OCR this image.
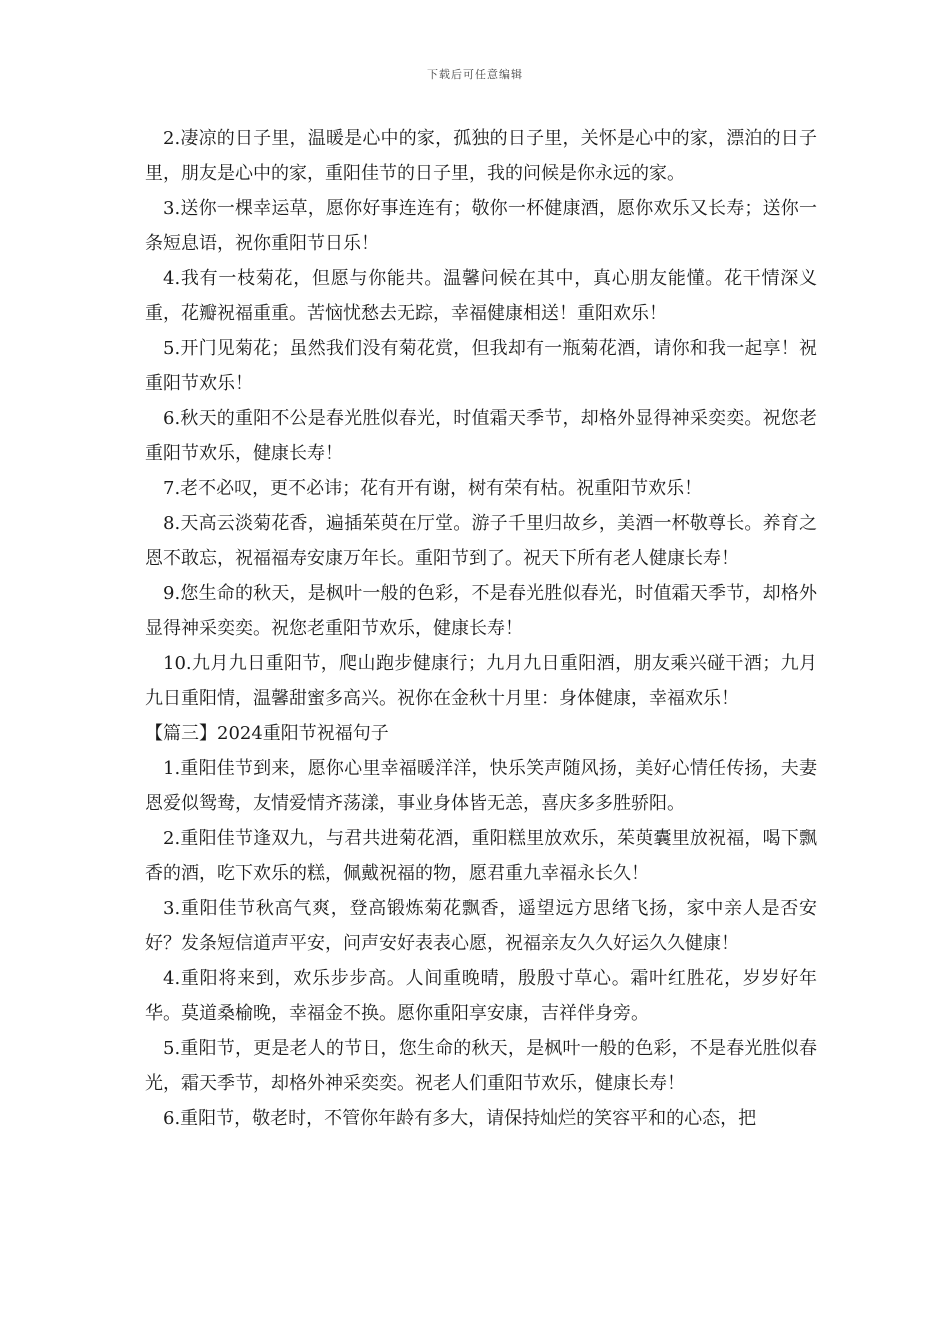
下载后可任意编辑

2.凄凉的日子里，温暖是心中的家，孤独的日子里，关怀是心中的家，漂泊的日子里，朋友是心中的家，重阳佳节的日子里，我的问候是你永远的家。

3.送你一棵幸运草，愿你好事连连有；敬你一杯健康酒，愿你欢乐又长寿；送你一条短息语，祝你重阳节日乐！

4.我有一枝菊花，但愿与你能共。温馨问候在其中，真心朋友能懂。花干情深义重，花瓣祝福重重。苦恼忧愁去无踪，幸福健康相送！重阳欢乐！

5.开门见菊花；虽然我们没有菊花赏，但我却有一瓶菊花酒，请你和我一起享！祝重阳节欢乐！

6.秋天的重阳不公是春光胜似春光，时值霜天季节，却格外显得神采奕奕。祝您老重阳节欢乐，健康长寿！

7.老不必叹，更不必讳；花有开有谢，树有荣有枯。祝重阳节欢乐！

8.天高云淡菊花香，遍插茱萸在厅堂。游子千里归故乡，美酒一杯敬尊长。养育之恩不敢忘，祝福福寿安康万年长。重阳节到了。祝天下所有老人健康长寿！

9.您生命的秋天，是枫叶一般的色彩，不是春光胜似春光，时值霜天季节，却格外显得神采奕奕。祝您老重阳节欢乐，健康长寿！

10.九月九日重阳节，爬山跑步健康行；九月九日重阳酒，朋友乘兴碰干酒；九月九日重阳情，温馨甜蜜多高兴。祝你在金秋十月里：身体健康，幸福欢乐！

【篇三】2024重阳节祝福句子

1.重阳佳节到来，愿你心里幸福暖洋洋，快乐笑声随风扬，美好心情任传扬，夫妻恩爱似鸳鸯，友情爱情齐荡漾，事业身体皆无恙，喜庆多多胜骄阳。

2.重阳佳节逢双九，与君共进菊花酒，重阳糕里放欢乐，茱萸囊里放祝福，喝下飘香的酒，吃下欢乐的糕，佩戴祝福的物，愿君重九幸福永长久！

3.重阳佳节秋高气爽，登高锻炼菊花飘香，遥望远方思绪飞扬，家中亲人是否安好？发条短信道声平安，问声安好表表心愿，祝福亲友久久好运久久健康！

4.重阳将来到，欢乐步步高。人间重晚晴，殷殷寸草心。霜叶红胜花，岁岁好年华。莫道桑榆晚，幸福金不换。愿你重阳享安康，吉祥伴身旁。

5.重阳节，更是老人的节日，您生命的秋天，是枫叶一般的色彩，不是春光胜似春光，霜天季节，却格外神采奕奕。祝老人们重阳节欢乐，健康长寿！

6.重阳节，敬老时，不管你年龄有多大，请保持灿烂的笑容平和的心态，把
